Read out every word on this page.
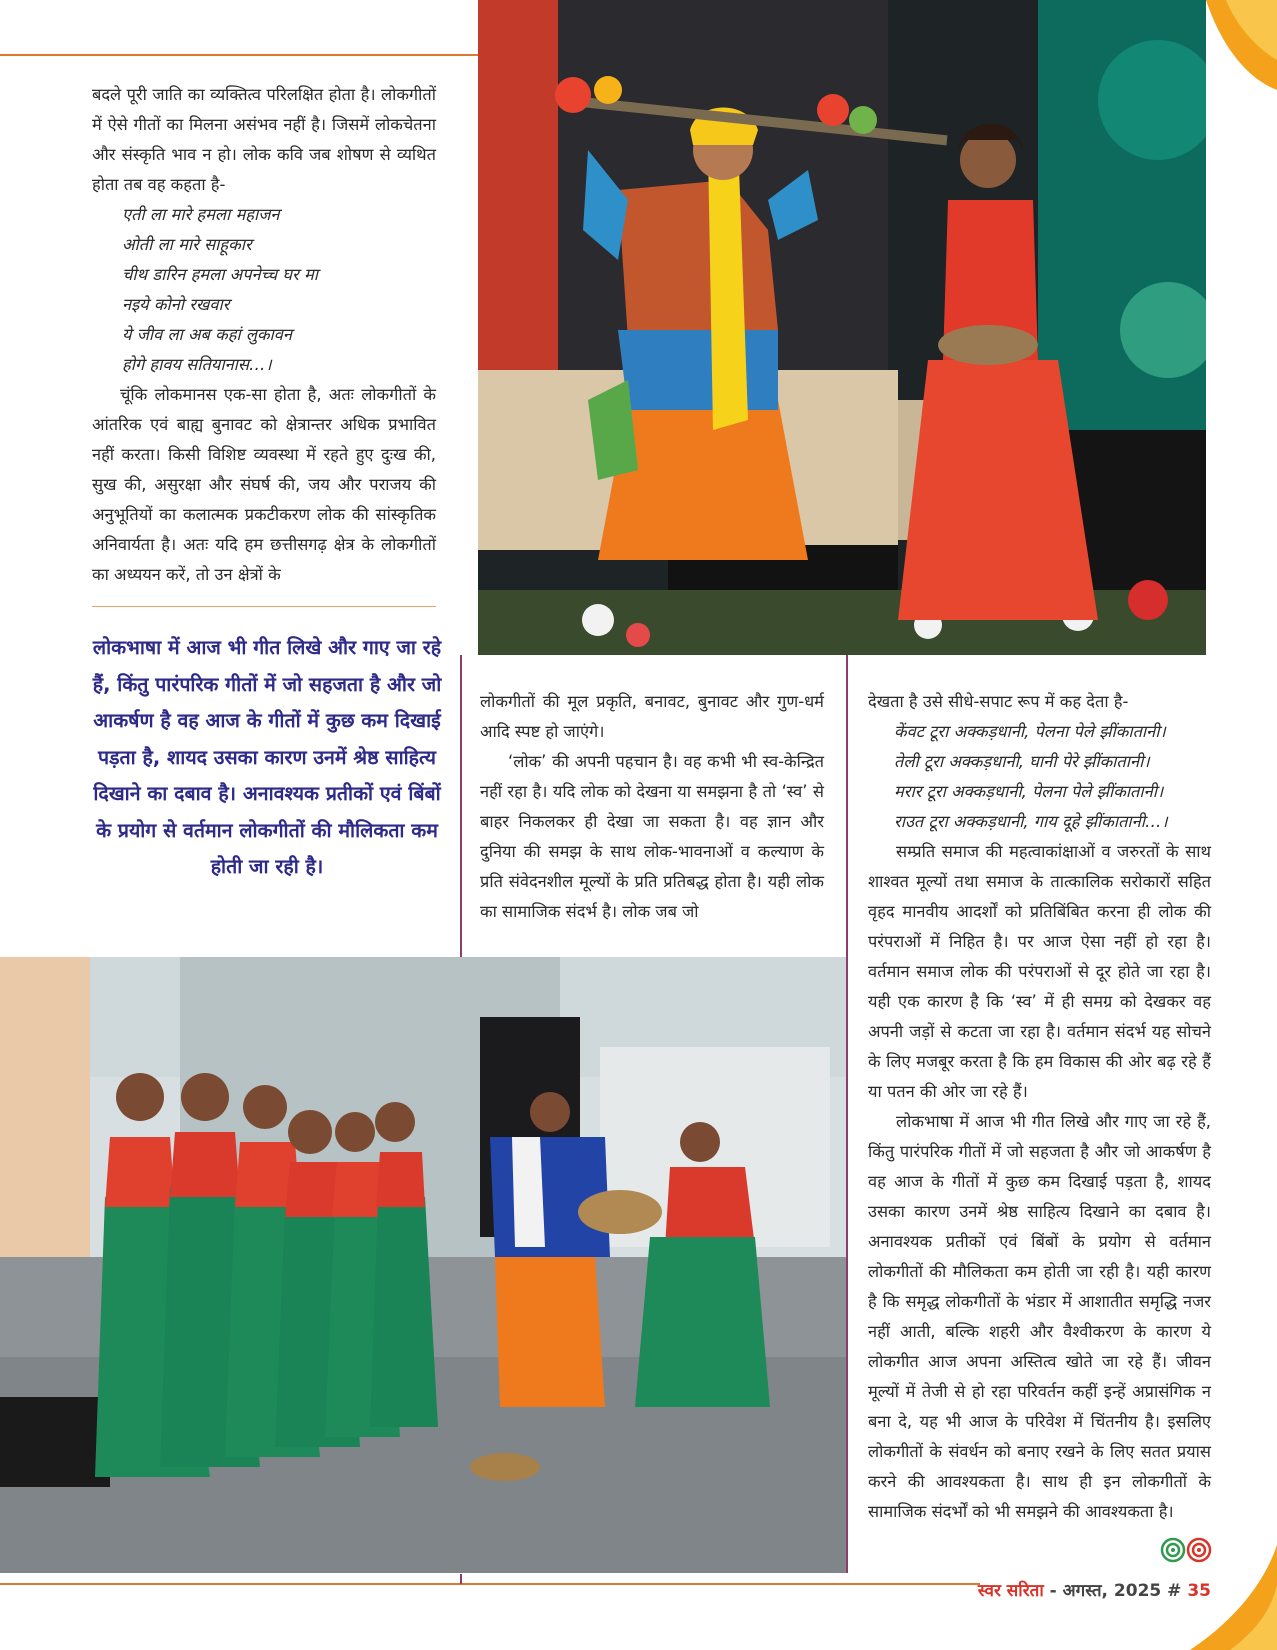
बदले पूरी जाति का व्यक्तित्व परिलक्षित होता है। लोकगीतों में ऐसे गीतों का मिलना असंभव नहीं है। जिसमें लोकचेतना और संस्कृति भाव न हो। लोक कवि जब शोषण से व्यथित होता तब वह कहता है-

एती ला मारे हमला महाजन
ओती ला मारे साहूकार
चीथ डारिन हमला अपनेच्च घर मा
नइये कोनो रखवार
ये जीव ला अब कहां लुकावन
होगे हावय सतियानास…।

चूंकि लोकमानस एक-सा होता है, अतः लोकगीतों के आंतरिक एवं बाह्य बुनावट को क्षेत्रान्तर अधिक प्रभावित नहीं करता। किसी विशिष्ट व्यवस्था में रहते हुए दुःख की, सुख की, असुरक्षा और संघर्ष की, जय और पराजय की अनुभूतियों का कलात्मक प्रकटीकरण लोक की सांस्कृतिक अनिवार्यता है। अतः यदि हम छत्तीसगढ़ क्षेत्र के लोकगीतों का अध्ययन करें, तो उन क्षेत्रों के

लोकभाषा में आज भी गीत लिखे और गाए जा रहे हैं, किंतु पारंपरिक गीतों में जो सहजता है और जो आकर्षण है वह आज के गीतों में कुछ कम दिखाई पड़ता है, शायद उसका कारण उनमें श्रेष्ठ साहित्य दिखाने का दबाव है। अनावश्यक प्रतीकों एवं बिंबों के प्रयोग से वर्तमान लोकगीतों की मौलिकता कम होती जा रही है।

लोकगीतों की मूल प्रकृति, बनावट, बुनावट और गुण-धर्म आदि स्पष्ट हो जाएंगे।

‘लोक’ की अपनी पहचान है। वह कभी भी स्व-केन्द्रित नहीं रहा है। यदि लोक को देखना या समझना है तो ‘स्व’ से बाहर निकलकर ही देखा जा सकता है। वह ज्ञान और दुनिया की समझ के साथ लोक-भावनाओं व कल्याण के प्रति संवेदनशील मूल्यों के प्रति प्रतिबद्ध होता है। यही लोक का सामाजिक संदर्भ है। लोक जब जो

देखता है उसे सीधे-सपाट रूप में कह देता है-

केंवट टूरा अक्कड़धानी, पेलना पेले झींकातानी।
तेली टूरा अक्कड़धानी, घानी पेरे झींकातानी।
मरार टूरा अक्कड़धानी, पेलना पेले झींकातानी।
राउत टूरा अक्कड़धानी, गाय दूहे झींकातानी…।

सम्प्रति समाज की महत्वाकांक्षाओं व जरुरतों के साथ शाश्वत मूल्यों तथा समाज के तात्कालिक सरोकारों सहित वृहद मानवीय आदर्शों को प्रतिबिंबित करना ही लोक की परंपराओं में निहित है। पर आज ऐसा नहीं हो रहा है। वर्तमान समाज लोक की परंपराओं से दूर होते जा रहा है। यही एक कारण है कि ‘स्व’ में ही समग्र को देखकर वह अपनी जड़ों से कटता जा रहा है। वर्तमान संदर्भ यह सोचने के लिए मजबूर करता है कि हम विकास की ओर बढ़ रहे हैं या पतन की ओर जा रहे हैं।

लोकभाषा में आज भी गीत लिखे और गाए जा रहे हैं, किंतु पारंपरिक गीतों में जो सहजता है और जो आकर्षण है वह आज के गीतों में कुछ कम दिखाई पड़ता है, शायद उसका कारण उनमें श्रेष्ठ साहित्य दिखाने का दबाव है। अनावश्यक प्रतीकों एवं बिंबों के प्रयोग से वर्तमान लोकगीतों की मौलिकता कम होती जा रही है। यही कारण है कि समृद्ध लोकगीतों के भंडार में आशातीत समृद्धि नजर नहीं आती, बल्कि शहरी और वैश्वीकरण के कारण ये लोकगीत आज अपना अस्तित्व खोते जा रहे हैं। जीवन मूल्यों में तेजी से हो रहा परिवर्तन कहीं इन्हें अप्रासंगिक न बना दे, यह भी आज के परिवेश में चिंतनीय है। इसलिए लोकगीतों के संवर्धन को बनाए रखने के लिए सतत प्रयास करने की आवश्यकता है। साथ ही इन लोकगीतों के सामाजिक संदर्भों को भी समझने की आवश्यकता है।

स्वर सरिता - अगस्त, 2025 # 35
